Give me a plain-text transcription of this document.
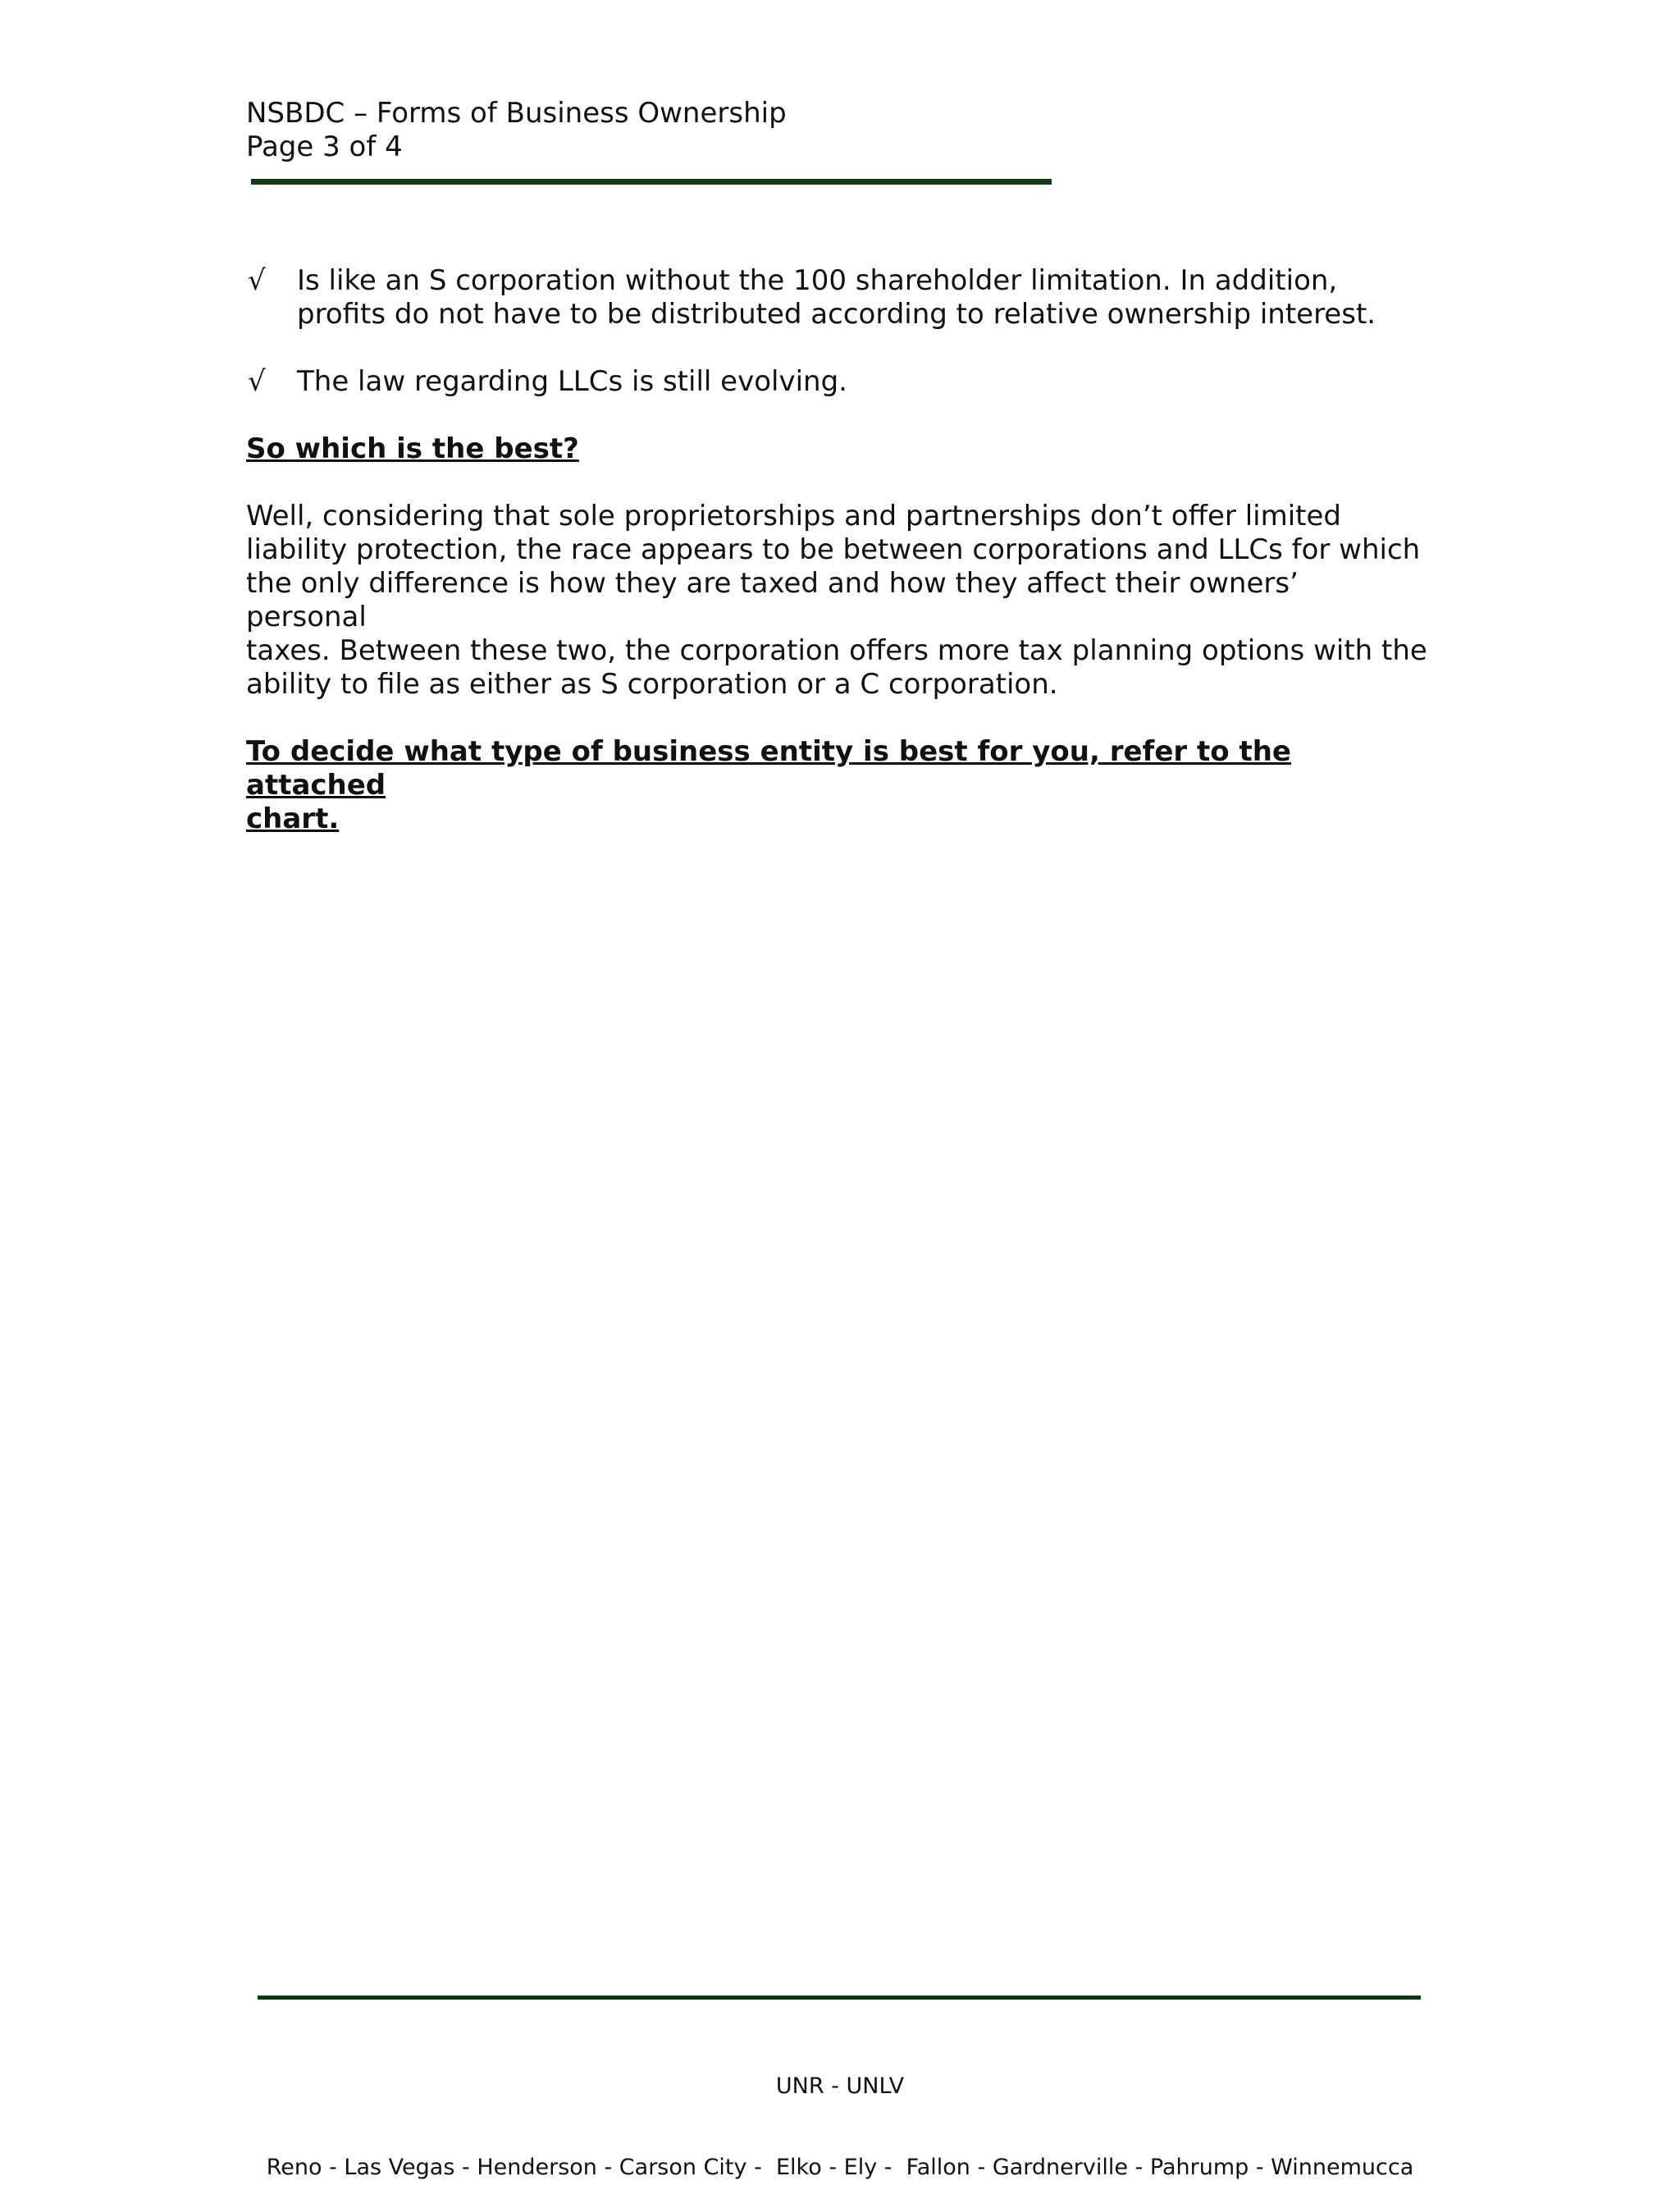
NSBDC – Forms of Business Ownership
Page 3 of 4
√ Is like an S corporation without the 100 shareholder limitation. In addition,
profits do not have to be distributed according to relative ownership interest.
√ The law regarding LLCs is still evolving.
So which is the best?
Well, considering that sole proprietorships and partnerships don’t offer limited
liability protection, the race appears to be between corporations and LLCs for which
the only difference is how they are taxed and how they affect their owners’ personal
taxes. Between these two, the corporation offers more tax planning options with the
ability to file as either as S corporation or a C corporation.
To decide what type of business entity is best for you, refer to the attached
chart.

UNR - UNLV

Reno - Las Vegas - Henderson - Carson City -  Elko - Ely -  Fallon - Gardnerville - Pahrump - Winnemucca
